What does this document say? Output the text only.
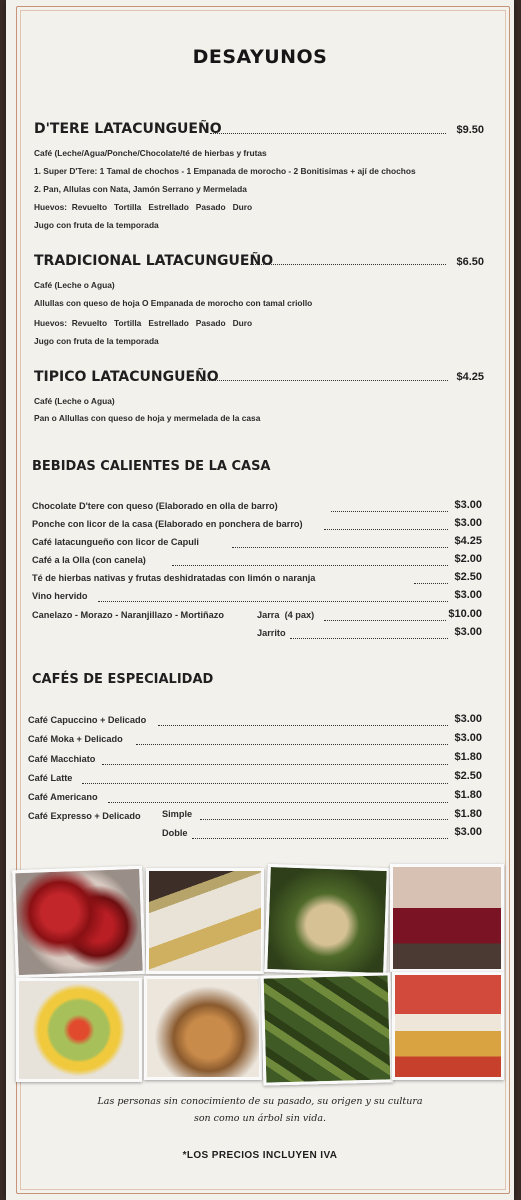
DESAYUNOS
D'TERE LATACUNGUEÑO	$9.50
Café (Leche/Agua/Ponche/Chocolate/té de hierbas y frutas
1. Super D'Tere: 1 Tamal de chochos - 1 Empanada de morocho - 2 Bonitisimas + ají de chochos
2. Pan, Allulas con Nata, Jamón Serrano y Mermelada
Huevos:  Revuelto   Tortilla   Estrellado   Pasado   Duro
Jugo con fruta de la temporada
TRADICIONAL LATACUNGUEÑO	$6.50
Café (Leche o Agua)
Allullas con queso de hoja O Empanada de morocho con tamal criollo
Huevos:  Revuelto   Tortilla   Estrellado   Pasado   Duro
Jugo con fruta de la temporada
TIPICO LATACUNGUEÑO	$4.25
Café (Leche o Agua)
Pan o Allullas con queso de hoja y mermelada de la casa
BEBIDAS CALIENTES DE LA CASA
Chocolate D'tere con queso (Elaborado en olla de barro)	$3.00
Ponche con licor de la casa (Elaborado en ponchera de barro)	$3.00
Café latacungueño con licor de Capuli	$4.25
Café a la Olla (con canela)	$2.00
Té de hierbas nativas y frutas deshidratadas con limón o naranja	$2.50
Vino hervido	$3.00
Canelazo - Morazo - Naranjillazo - Mortiñazo	Jarra  (4 pax)	$10.00
Jarrito	$3.00
CAFÉS DE ESPECIALIDAD
Café Capuccino + Delicado	$3.00
Café Moka + Delicado	$3.00
Café Macchiato	$1.80
Café Latte	$2.50
Café Americano	$1.80
Café Expresso + Delicado Simple	$1.80
Doble	$3.00
Las personas sin conocimiento de su pasado, su origen y su cultura
son como un árbol sin vida.
*LOS PRECIOS INCLUYEN IVA
